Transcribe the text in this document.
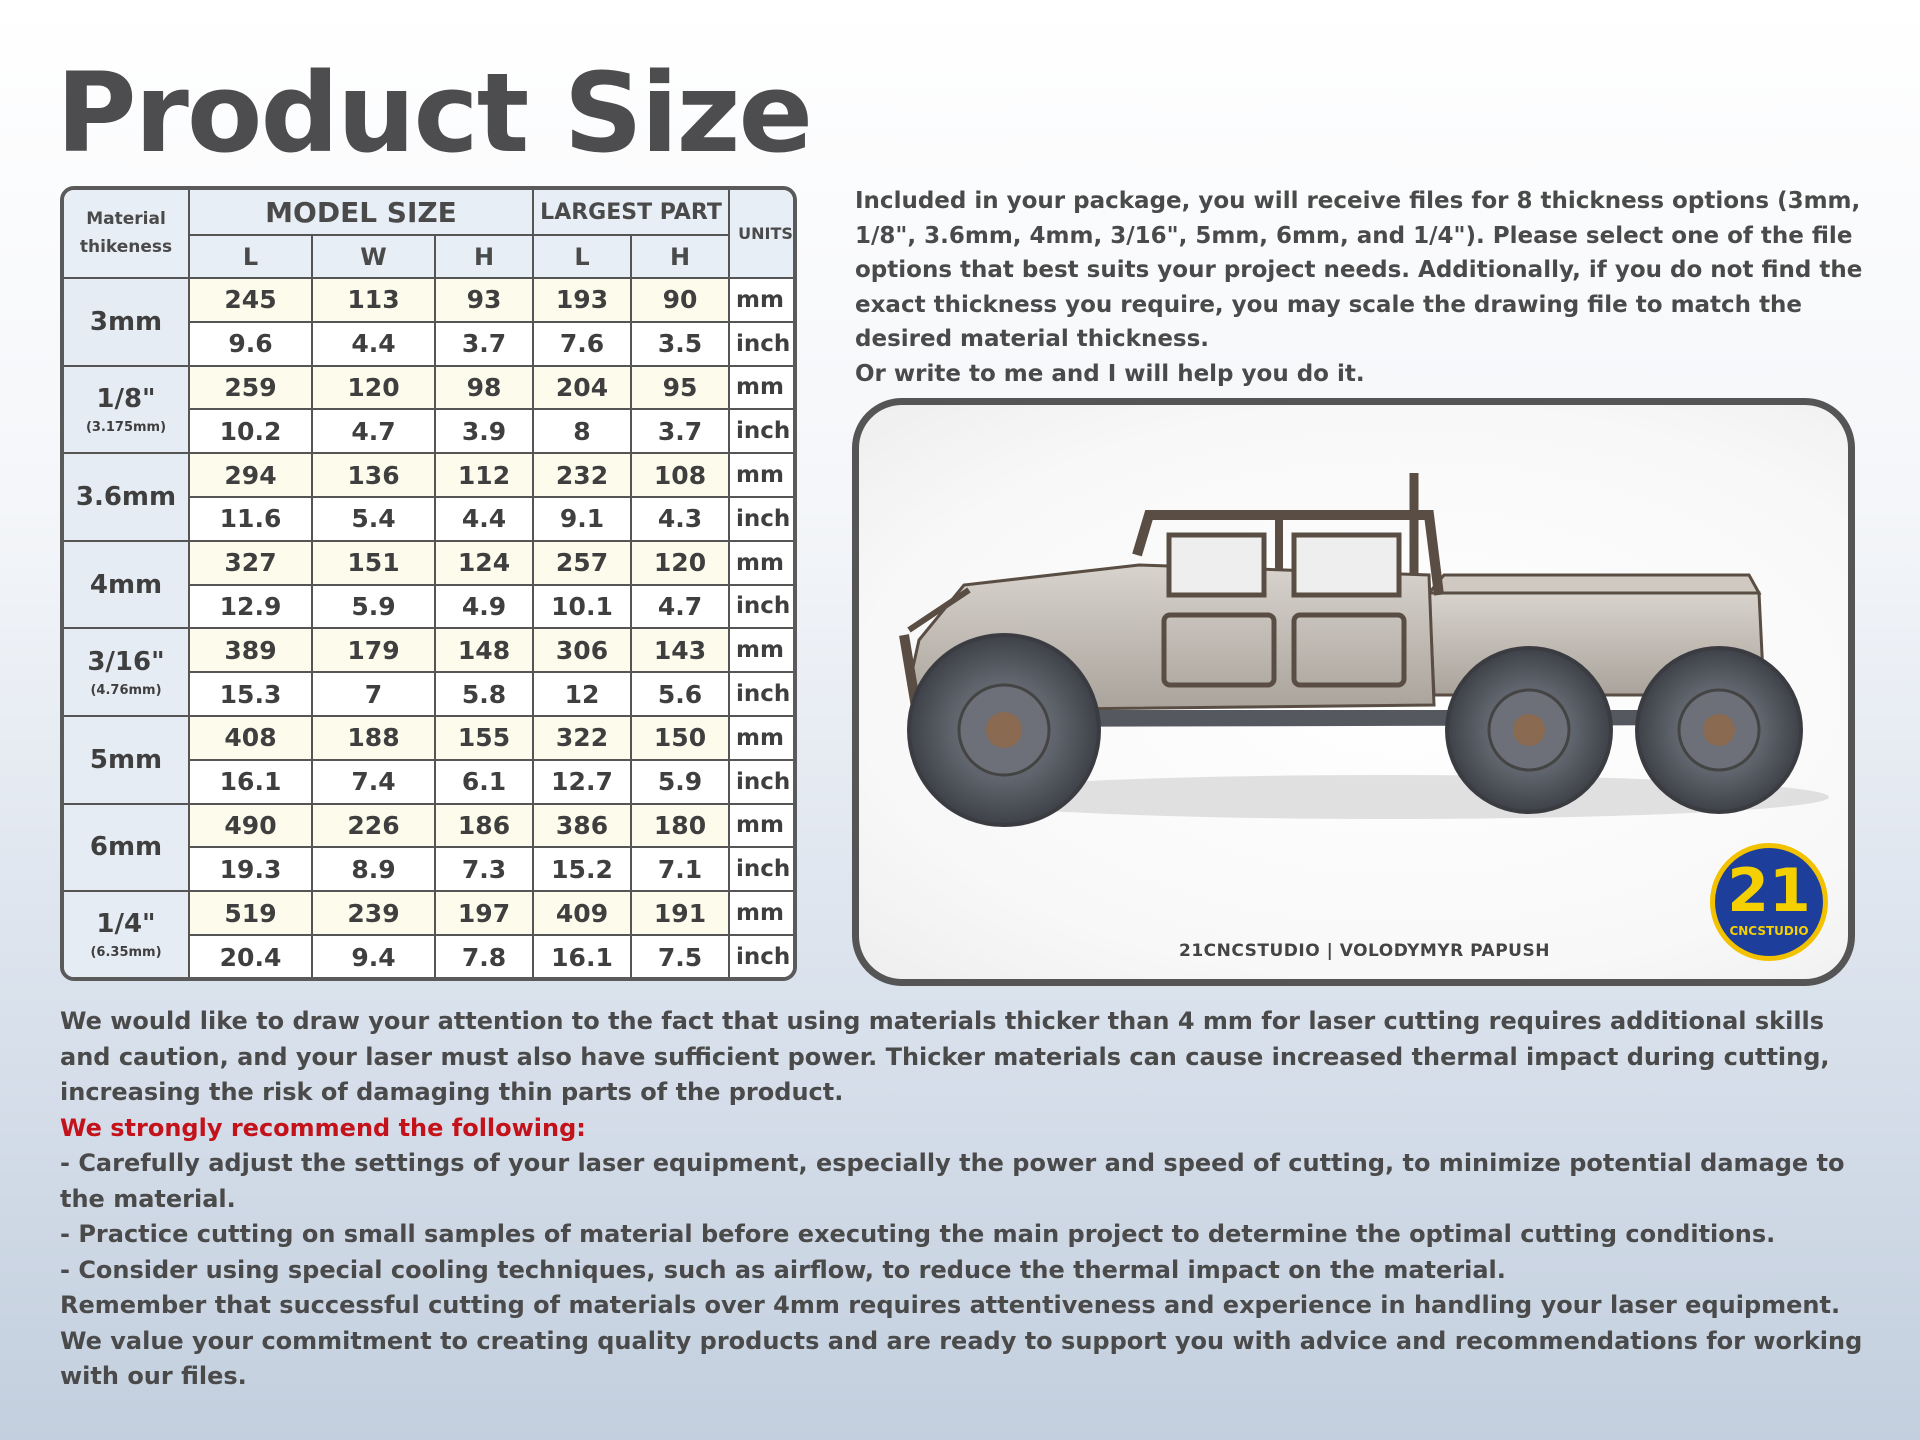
Product Size
Material thikeness	MODEL SIZE			LARGEST PART		UNITS
	L	W	H	L	H	
3mm	245	113	93	193	90	mm
	9.6	4.4	3.7	7.6	3.5	inch
1/8"
(3.175mm)	259	120	98	204	95	mm
	10.2	4.7	3.9	8	3.7	inch
3.6mm	294	136	112	232	108	mm
	11.6	5.4	4.4	9.1	4.3	inch
4mm	327	151	124	257	120	mm
	12.9	5.9	4.9	10.1	4.7	inch
3/16"
(4.76mm)	389	179	148	306	143	mm
	15.3	7	5.8	12	5.6	inch
5mm	408	188	155	322	150	mm
	16.1	7.4	6.1	12.7	5.9	inch
6mm	490	226	186	386	180	mm
	19.3	8.9	7.3	15.2	7.1	inch
1/4"
(6.35mm)	519	239	197	409	191	mm
	20.4	9.4	7.8	16.1	7.5	inch

Included in your package, you will receive files for 8 thickness options (3mm, 1/8", 3.6mm, 4mm, 3/16", 5mm, 6mm, and 1/4"). Please select one of the file options that best suits your project needs. Additionally, if you do not find the exact thickness you require, you may scale the drawing file to match the desired material thickness.

Or write to me and I will help you do it.

21CNCSTUDIO | VOLODYMYR PAPUSH
21
CNCSTUDIO

We would like to draw your attention to the fact that using materials thicker than 4 mm for laser cutting requires additional skills and caution, and your laser must also have sufficient power. Thicker materials can cause increased thermal impact during cutting, increasing the risk of damaging thin parts of the product.

We strongly recommend the following:

- Carefully adjust the settings of your laser equipment, especially the power and speed of cutting, to minimize potential damage to the material.

- Practice cutting on small samples of material before executing the main project to determine the optimal cutting conditions.

- Consider using special cooling techniques, such as airflow, to reduce the thermal impact on the material.

Remember that successful cutting of materials over 4mm requires attentiveness and experience in handling your laser equipment.

We value your commitment to creating quality products and are ready to support you with advice and recommendations for working with our files.
